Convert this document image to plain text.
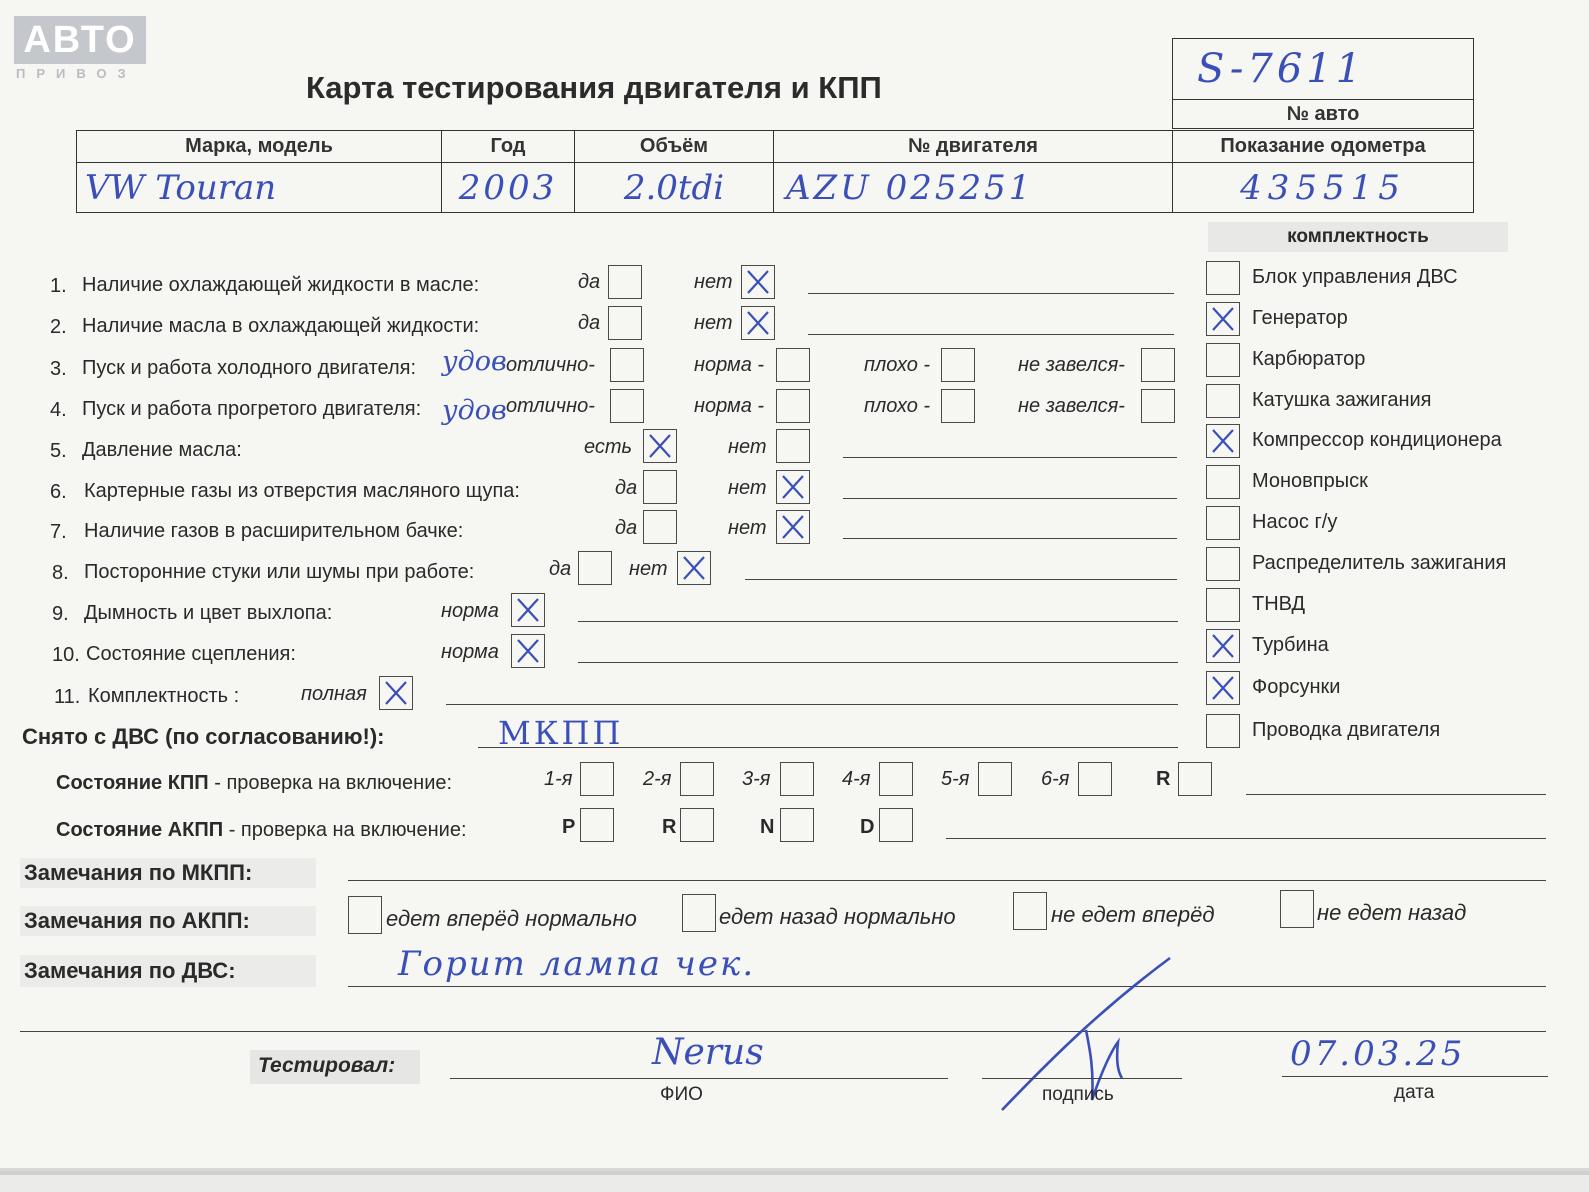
АВТО
ПРИВОЗ	Карта тестирования двигателя и КПП	S-7611
№ авто
Марка, модель	Год	Объём	№ двигателя	Показание одометра
VW Touran	2003	2.0tdi	AZU 025251	435515
комплектность
Блок управления ДВС
Генератор
Карбюратор
Катушка зажигания
Компрессор кондиционера
Моновпрыск
Насос г/у
Распределитель зажигания
ТНВД
Турбина
Форсунки
Проводка двигателя
1. Наличие охлаждающей жидкости в масле:	да	нет
2. Наличие масла в охлаждающей жидкости:	да	нет
3. Пуск и работа холодного двигателя: удов отлично-	норма -	плохо -	не завелся-
4. Пуск и работа прогретого двигателя: удов отлично-	норма -	плохо -	не завелся-
5. Давление масла:	есть	нет
6. Картерные газы из отверстия масляного щупа:	да	нет
7. Наличие газов в расширительном бачке:	да	нет
8. Посторонние стуки или шумы при работе:	да	нет
9. Дымность и цвет выхлопа:	норма
10. Состояние сцепления:	норма
11. Комплектность :	полная
Снято с ДВС (по согласованию!):	МКПП
Состояние КПП - проверка на включение:	1-я	2-я	3-я	4-я	5-я	6-я	R
Состояние АКПП - проверка на включение:	P	R	N	D
Замечания по МКПП:
Замечания по АКПП:	едет вперёд нормально	едет назад нормально	не едет вперёд	не едет назад
Замечания по ДВС:	Горит лампа чек.
Тестировал:	Nerus
ФИО	подпись
07.03.25
дата
